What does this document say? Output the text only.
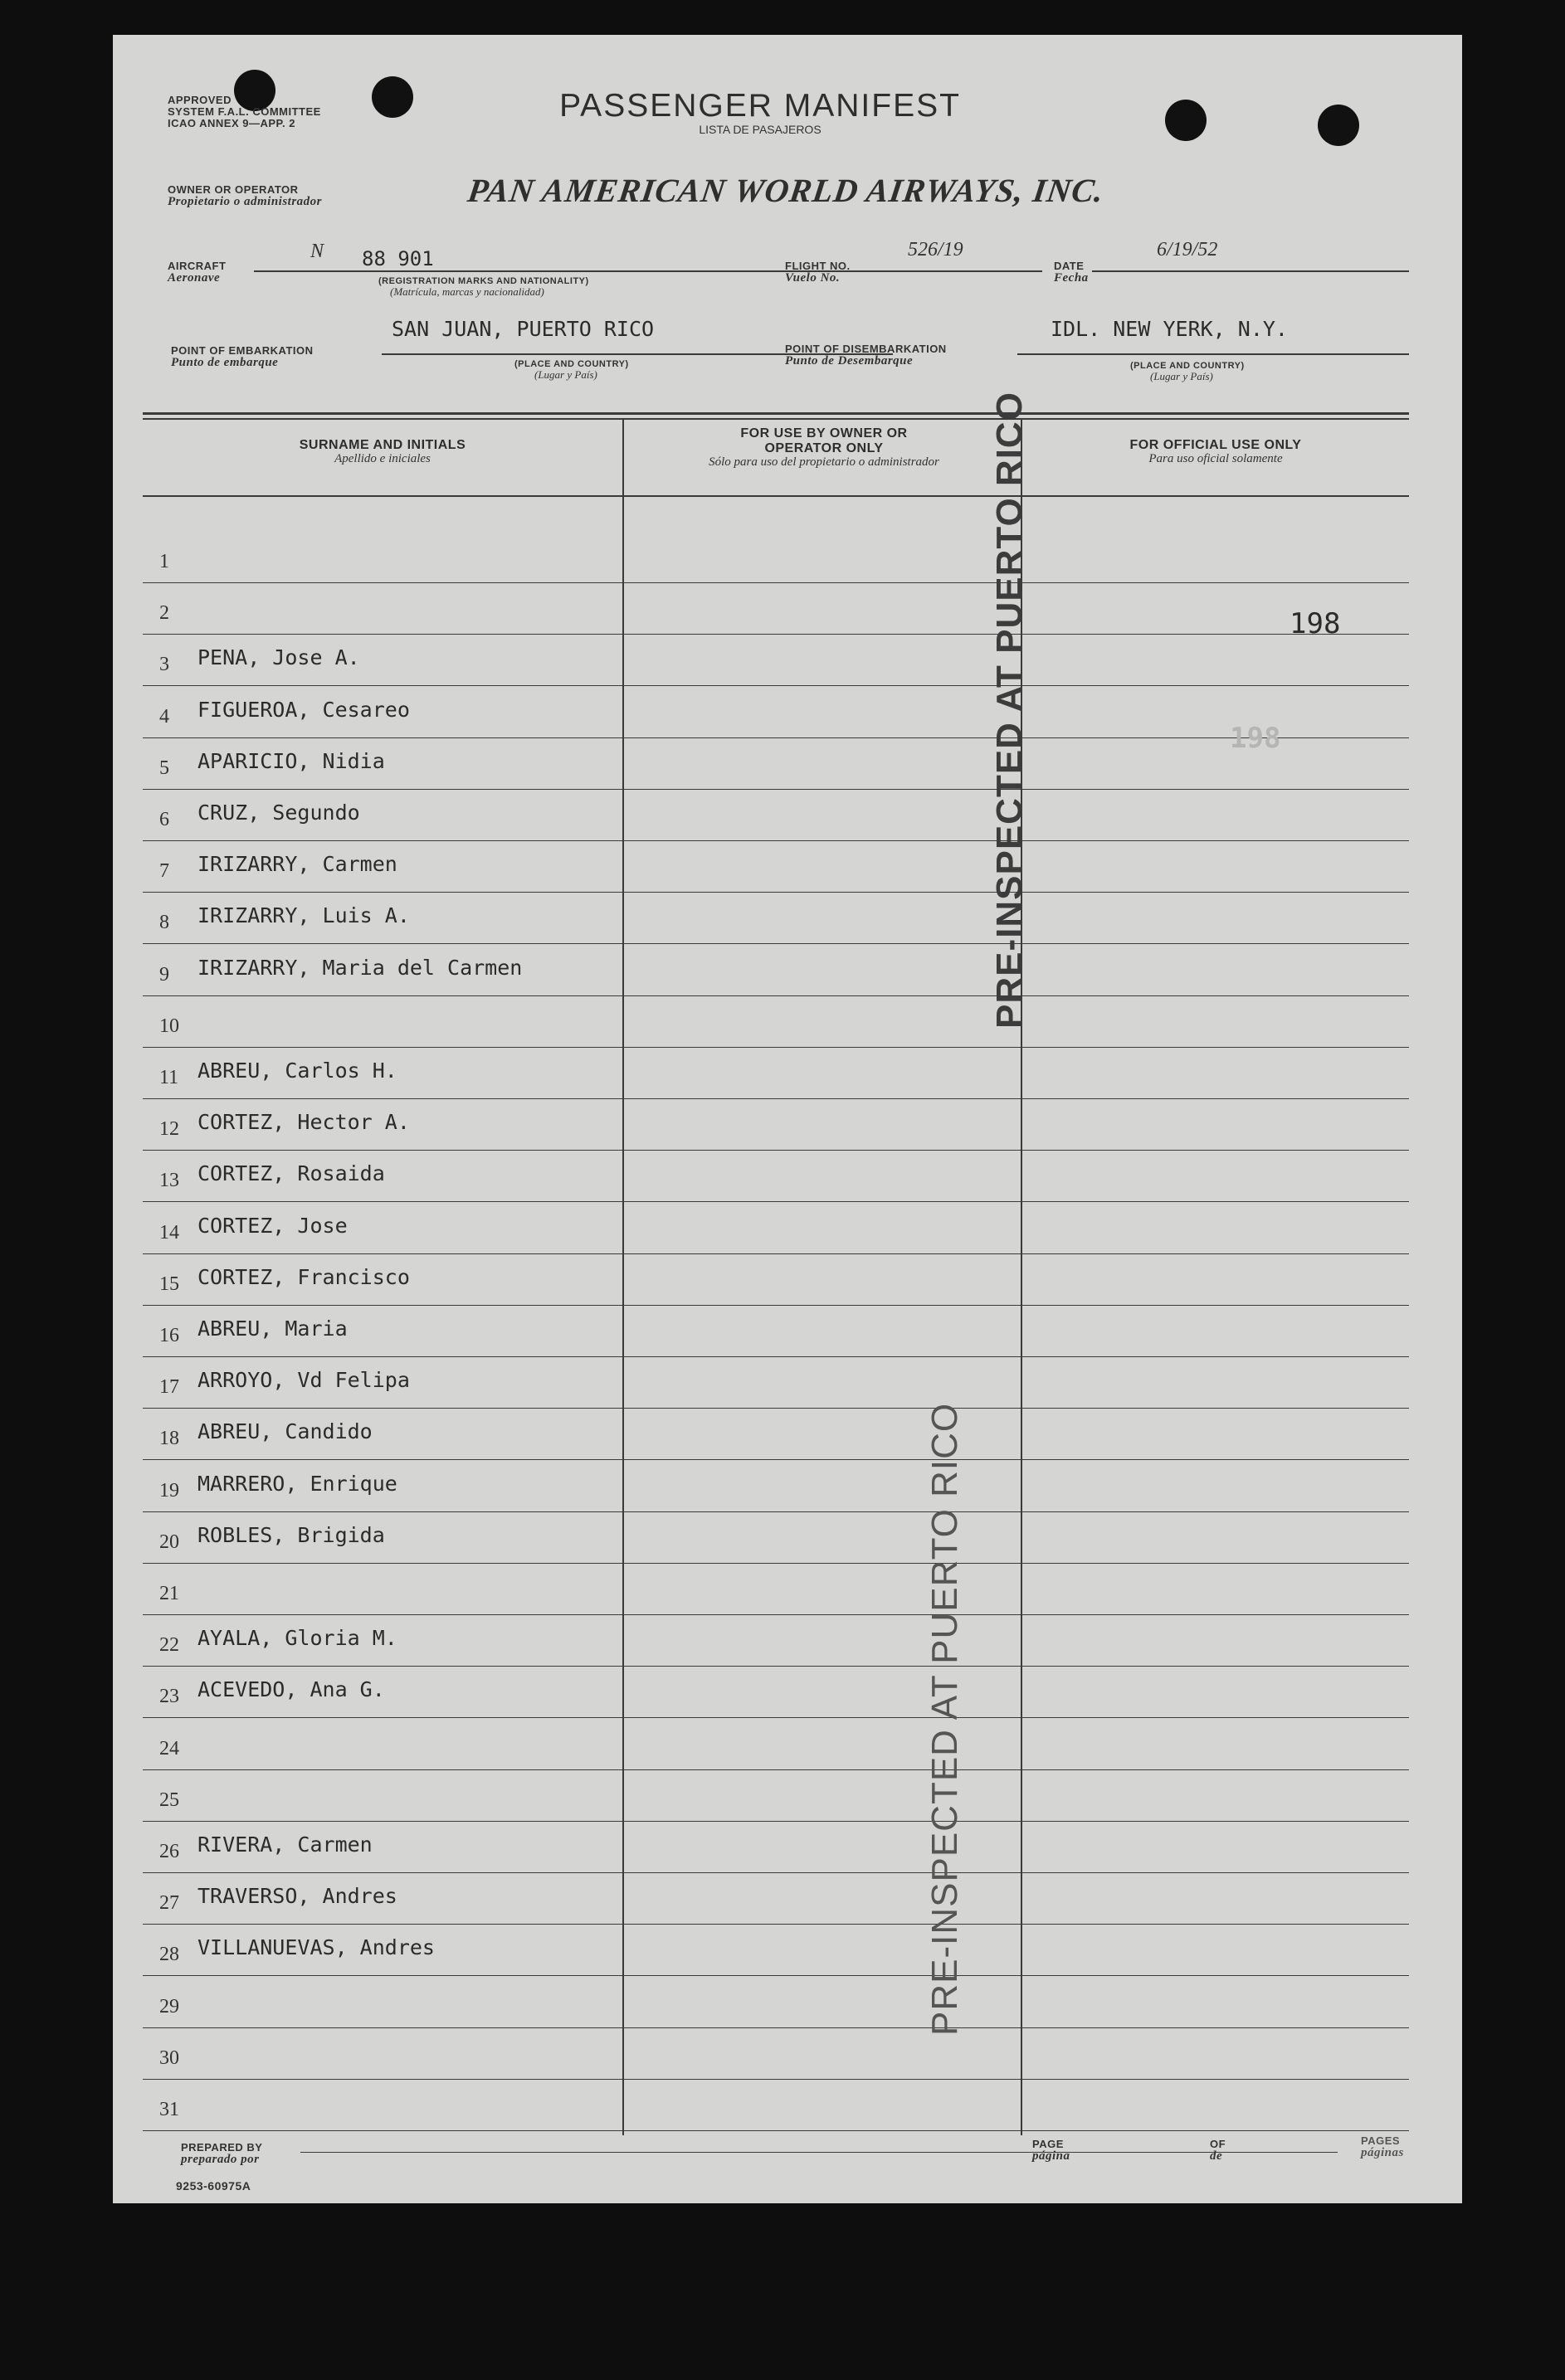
APPROVED
SYSTEM F.A.L. COMMITTEE
ICAO ANNEX 9—APP. 2	PASSENGER MANIFEST
LISTA DE PASAJEROS
OWNER OR OPERATOR
Propietario o administrador	PAN AMERICAN WORLD AIRWAYS, INC.
AIRCRAFT
Aeronave
N 88 901
(REGISTRATION MARKS AND NATIONALITY)
(Matrícula, marcas y nacionalidad)
FLIGHT NO.
Vuelo No.
526/19
DATE
Fecha
6/19/52
POINT OF EMBARKATION
Punto de embarque
SAN JUAN, PUERTO RICO
(PLACE AND COUNTRY)
(Lugar y País)
POINT OF DISEMBARKATION
Punto de Desembarque
IDL. NEW YERK, N.Y.
(PLACE AND COUNTRY)
(Lugar y País)
SURNAME AND INITIALS
Apellido e iniciales
FOR USE BY OWNER OR OPERATOR ONLY
Sólo para uso del propietario o administrador
FOR OFFICIAL USE ONLY
Para uso oficial solamente
1
2
3 PENA, Jose A.
4 FIGUEROA, Cesareo
5 APARICIO, Nidia
6 CRUZ, Segundo
7 IRIZARRY, Carmen
8 IRIZARRY, Luis A.
9 IRIZARRY, Maria del Carmen
10
11 ABREU, Carlos H.
12 CORTEZ, Hector A.
13 CORTEZ, Rosaida
14 CORTEZ, Jose
15 CORTEZ, Francisco
16 ABREU, Maria
17 ARROYO, Vd Felipa
18 ABREU, Candido
19 MARRERO, Enrique
20 ROBLES, Brigida
21
22 AYALA, Gloria M.
23 ACEVEDO, Ana G.
24
25
26 RIVERA, Carmen
27 TRAVERSO, Andres
28 VILLANUEVAS, Andres
29
30
31
198
198
PRE-INSPECTED AT PUERTO RICO
PRE-INSPECTED AT PUERTO RICO
PREPARED BY
preparado por
PAGE
página
OF
de
PAGES
páginas
9253-60975A
